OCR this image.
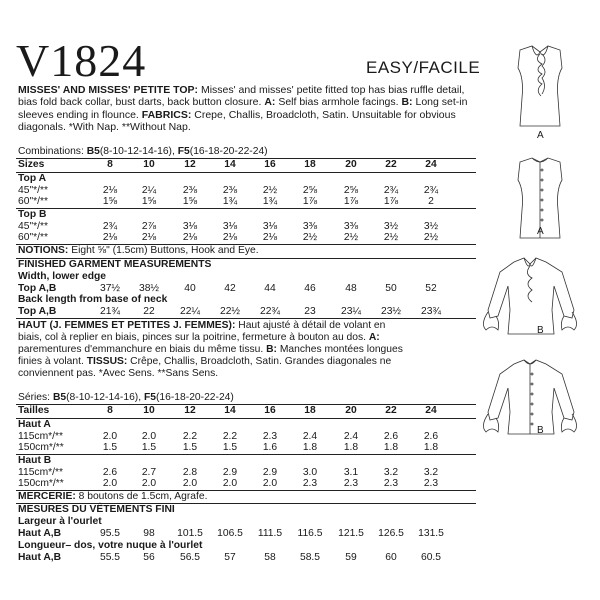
V1824	EASY/FACILE
MISSES' AND MISSES' PETITE TOP: Misses' and misses' petite fitted top has bias ruffle detail, bias fold back collar, bust darts, back button closure. A: Self bias armhole facings. B: Long set-in sleeves ending in flounce. FABRICS: Crepe, Challis, Broadcloth, Satin. Unsuitable for obvious diagonals. *With Nap. **Without Nap.
Combinations: B5(8-10-12-14-16), F5(16-18-20-22-24)
Sizes	8	10	12	14	16	18	20	22	24
Top A
45"*/**	2⅛	2¼	2⅜	2⅜	2½	2⅝	2⅝	2¾	2¾
60"*/**	1⅝	1⅝	1⅝	1¾	1¾	1⅞	1⅞	1⅞	2
Top B
45"*/**	2¾	2⅞	3⅛	3⅛	3⅛	3⅜	3⅜	3½	3½
60"*/**	2⅛	2⅛	2⅛	2⅛	2⅛	2½	2½	2½	2½
NOTIONS: Eight ⅝" (1.5cm) Buttons, Hook and Eye.
FINISHED GARMENT MEASUREMENTS
Width, lower edge
Top A,B	37½	38½	40	42	44	46	48	50	52
Back length from base of neck
Top A,B	21¾	22	22¼	22½	22¾	23	23¼	23½	23¾
HAUT (J. FEMMES ET PETITES J. FEMMES): Haut ajusté à détail de volant en
biais, col à replier en biais, pinces sur la poitrine, fermeture à bouton au dos. A:
parementures d'emmanchure en biais du même tissu. B: Manches montées longues
finies à volant. TISSUS: Crêpe, Challis, Broadcloth, Satin. Grandes diagonales ne
conviennent pas. *Avec Sens. **Sans Sens.
Séries: B5(8-10-12-14-16), F5(16-18-20-22-24)
Tailles	8	10	12	14	16	18	20	22	24
Haut A
115cm*/**	2.0	2.0	2.2	2.2	2.3	2.4	2.4	2.6	2.6
150cm*/**	1.5	1.5	1.5	1.5	1.6	1.8	1.8	1.8	1.8
Haut B
115cm*/**	2.6	2.7	2.8	2.9	2.9	3.0	3.1	3.2	3.2
150cm*/**	2.0	2.0	2.0	2.0	2.0	2.3	2.3	2.3	2.3
MERCERIE: 8 boutons de 1.5cm, Agrafe.
MESURES DU VÊTEMENTS FINI
Largeur à l'ourlet
Haut A,B	95.5	98	101.5	106.5	111.5	116.5	121.5	126.5	131.5
Longueur– dos, votre nuque à l'ourlet
Haut A,B	55.5	56	56.5	57	58	58.5	59	60	60.5
A
A
B
B
